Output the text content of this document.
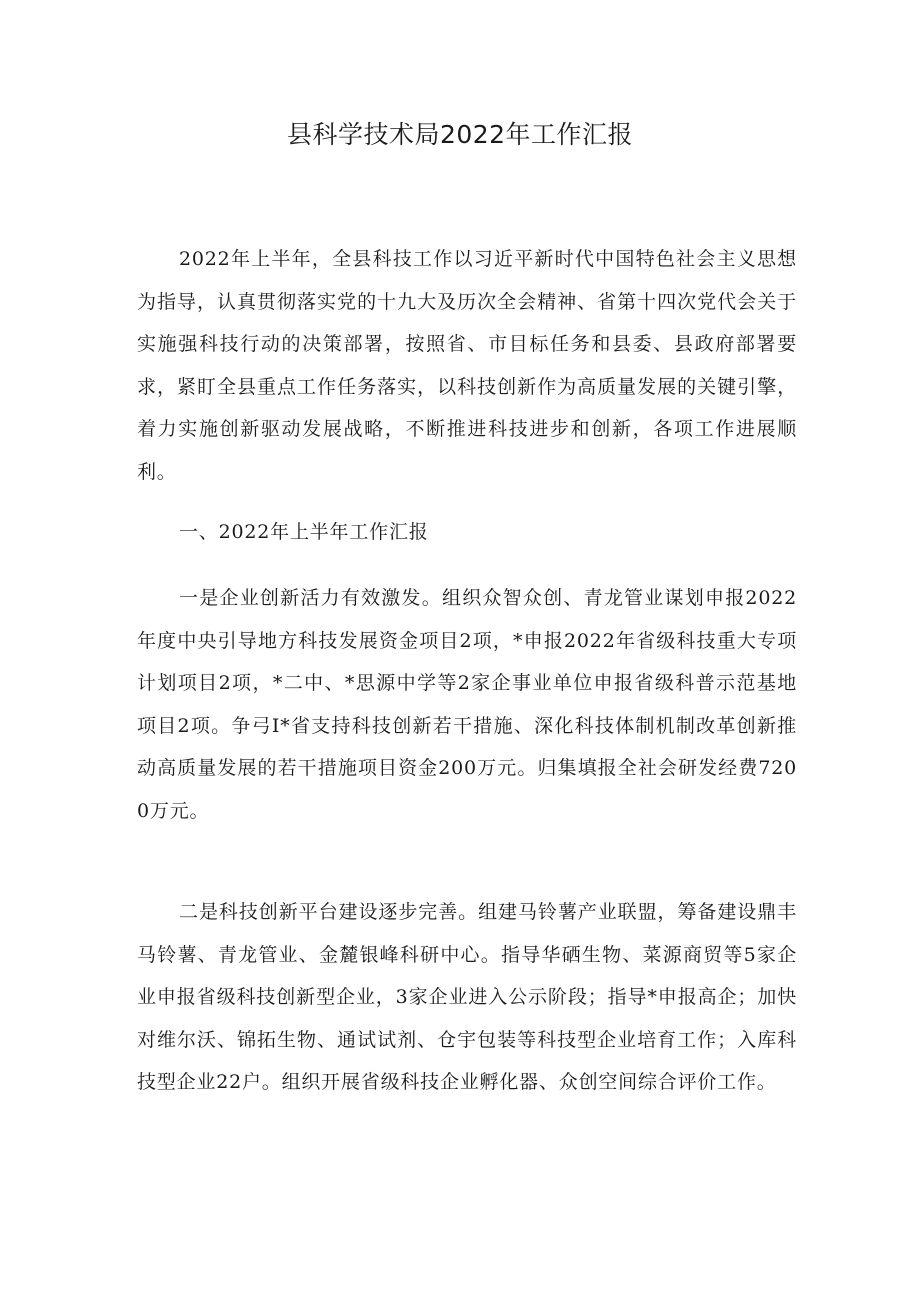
县科学技术局2022年工作汇报

2022年上半年，全县科技工作以习近平新时代中国特色社会主义思想为指导，认真贯彻落实党的十九大及历次全会精神、省第十四次党代会关于实施强科技行动的决策部署，按照省、市目标任务和县委、县政府部署要求，紧盯全县重点工作任务落实，以科技创新作为高质量发展的关键引擎，着力实施创新驱动发展战略，不断推进科技进步和创新，各项工作进展顺利。

一、2022年上半年工作汇报

一是企业创新活力有效激发。组织众智众创、青龙管业谋划申报2022年度中央引导地方科技发展资金项目2项，*申报2022年省级科技重大专项计划项目2项，*二中、*思源中学等2家企事业单位申报省级科普示范基地项目2项。争弓I*省支持科技创新若干措施、深化科技体制机制改革创新推动高质量发展的若干措施项目资金200万元。归集填报全社会研发经费7200万元。

二是科技创新平台建设逐步完善。组建马铃薯产业联盟，筹备建设鼎丰马铃薯、青龙管业、金麓银峰科研中心。指导华硒生物、菜源商贸等5家企业申报省级科技创新型企业，3家企业进入公示阶段；指导*申报高企；加快对维尔沃、锦拓生物、通试试剂、仓宇包装等科技型企业培育工作；入库科技型企业22户。组织开展省级科技企业孵化器、众创空间综合评价工作。
